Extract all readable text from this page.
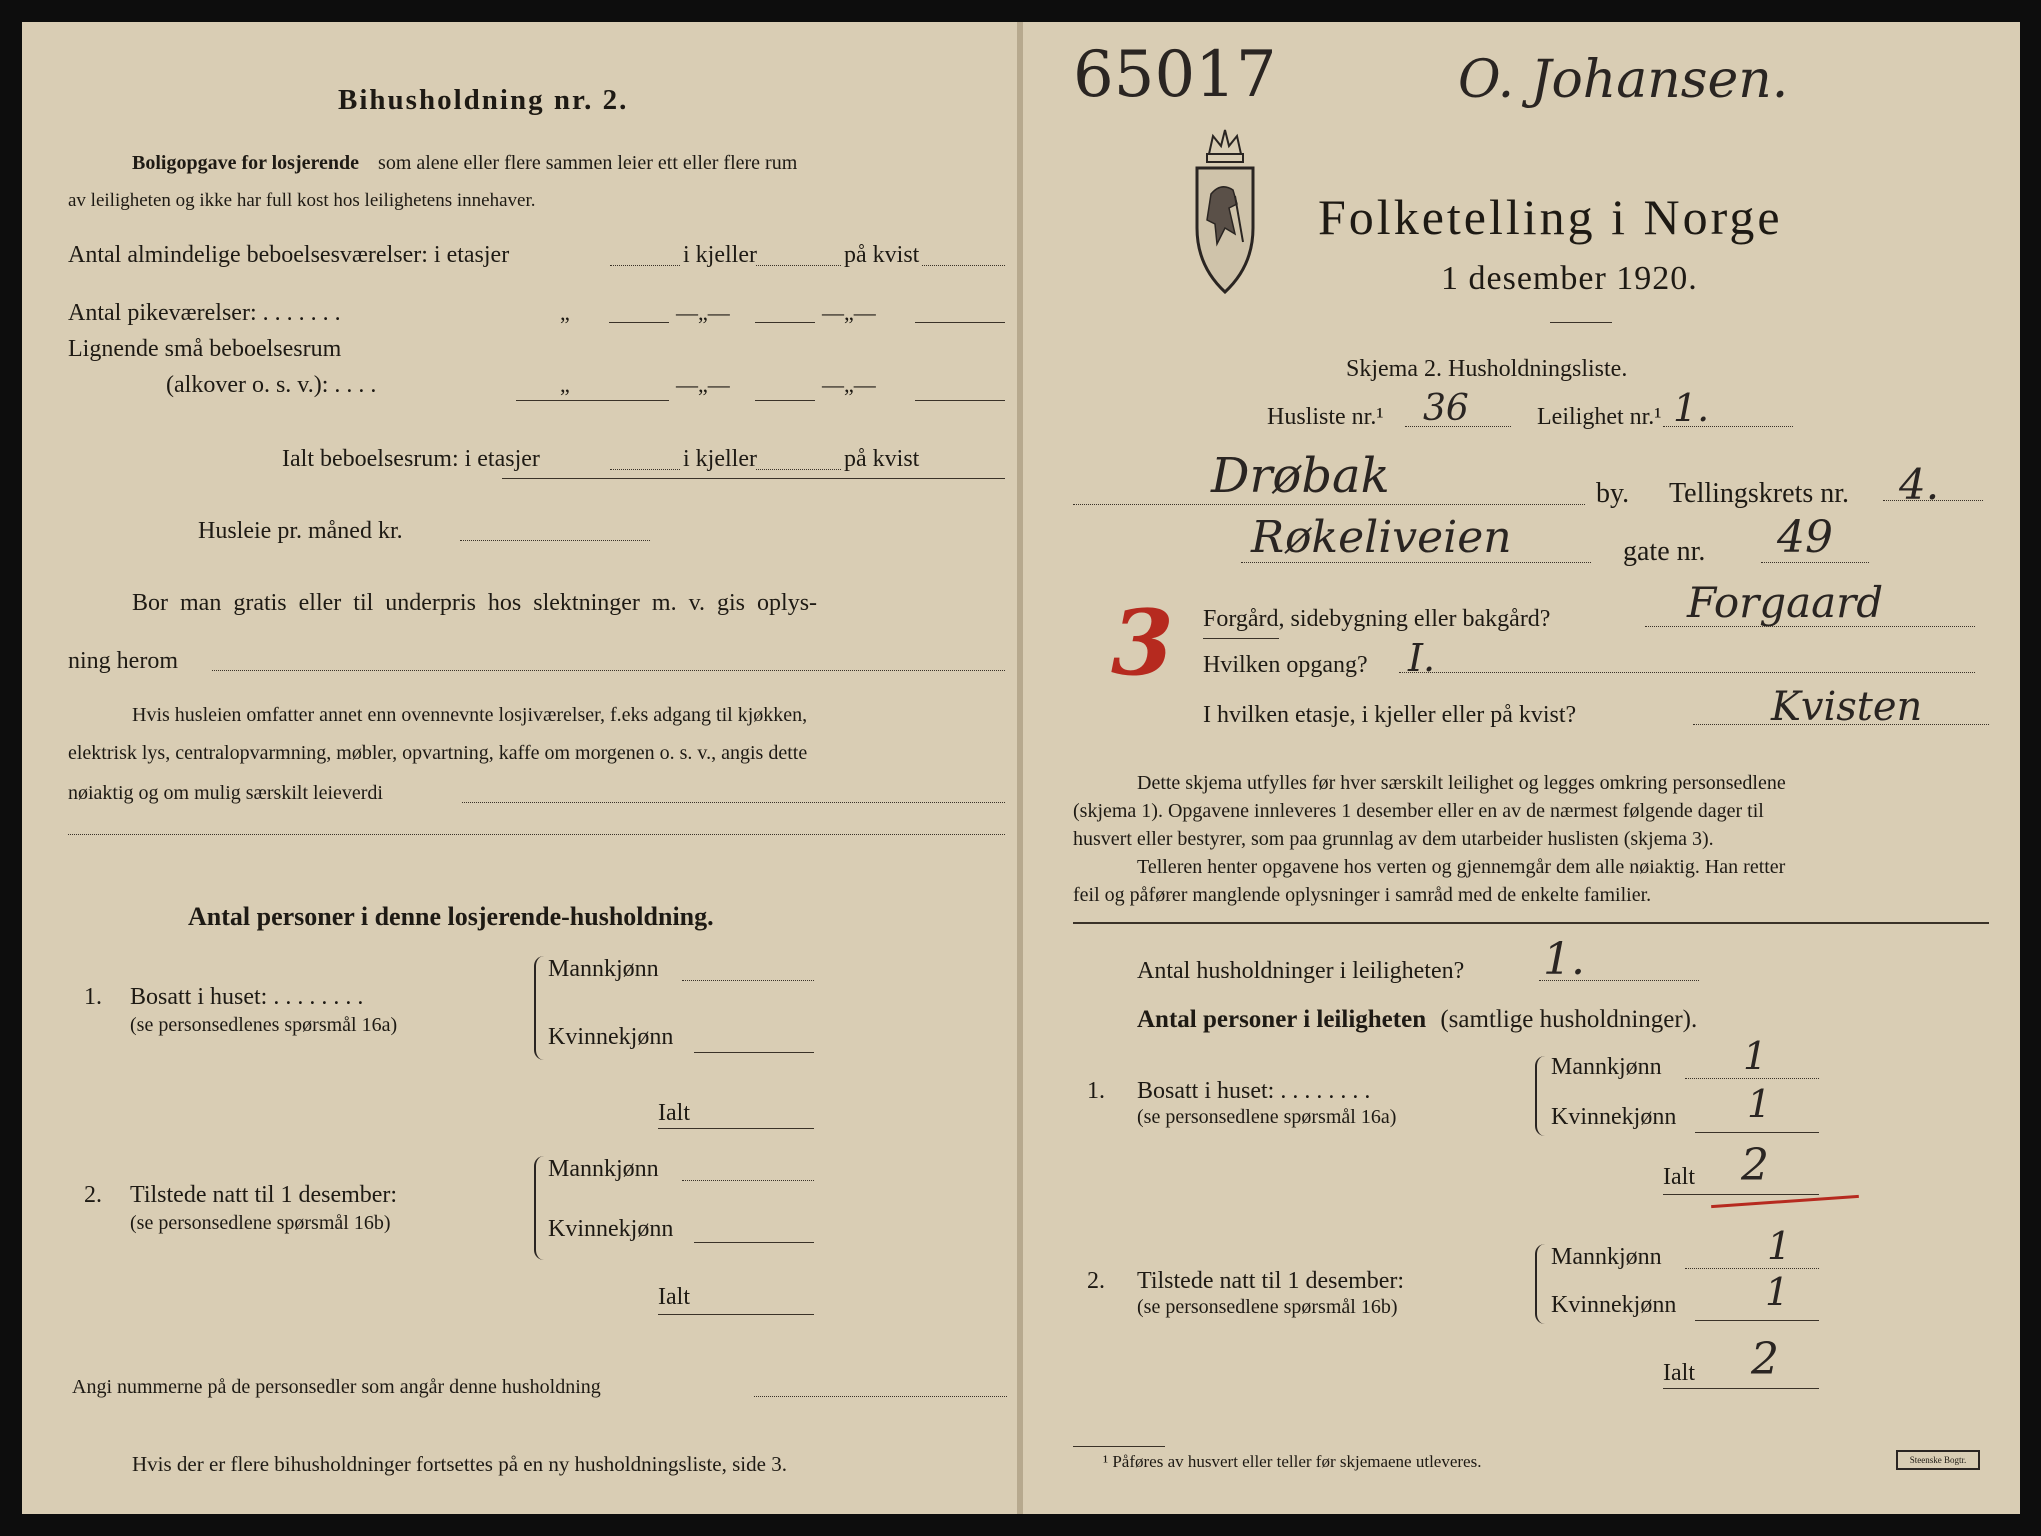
Bihusholdning nr. 2.
Boligopgave for losjerende som alene eller flere sammen leier ett eller flere rum
av leiligheten og ikke har full kost hos leilighetens innehaver.
Antal almindelige beboelsesværelser: i etasjer	i kjeller	på kvist
Antal pikeværelser: . . . . . . .	„	—„—	—„—
Lignende små beboelsesrum
(alkover o. s. v.): . . . .	„	—„—	—„—
Ialt beboelsesrum: i etasjer	i kjeller	på kvist
Husleie pr. måned kr.
Bor man gratis eller til underpris hos slektninger m. v. gis oplys-
ning herom
Hvis husleien omfatter annet enn ovennevnte losjiværelser, f.eks adgang til kjøkken,
elektrisk lys, centralopvarmning, møbler, opvartning, kaffe om morgenen o. s. v., angis dette
nøiaktig og om mulig særskilt leieverdi
Antal personer i denne losjerende-husholdning.
1. Bosatt i huset: . . . . . . . .
(se personsedlenes spørsmål 16a)
Mannkjønn
Kvinnekjønn
Ialt
2. Tilstede natt til 1 desember:
(se personsedlene spørsmål 16b)
Mannkjønn
Kvinnekjønn
Ialt
Angi nummerne på de personsedler som angår denne husholdning
Hvis der er flere bihusholdninger fortsettes på en ny husholdningsliste, side 3.
65017	O. Johansen.
Folketelling i Norge
1 desember 1920.
Skjema 2. Husholdningsliste.
Husliste nr.¹ 36	Leilighet nr.¹ 1.
Drøbak	by. Tellingskrets nr. 4.
Røkeliveien	gate nr. 49
3 Forgård, sidebygning eller bakgård?	Forgaard
Hvilken opgang? I.
I hvilken etasje, i kjeller eller på kvist?	Kvisten
Dette skjema utfylles før hver særskilt leilighet og legges omkring personsedlene
(skjema 1). Opgavene innleveres 1 desember eller en av de nærmest følgende dager til
husvert eller bestyrer, som paa grunnlag av dem utarbeider huslisten (skjema 3).
Telleren henter opgavene hos verten og gjennemgår dem alle nøiaktig. Han retter
feil og påfører manglende oplysninger i samråd med de enkelte familier.
Antal husholdninger i leiligheten? 1.
Antal personer i leiligheten (samtlige husholdninger).
1. Bosatt i huset: . . . . . . . .
(se personsedlene spørsmål 16a)
Mannkjønn 1
Kvinnekjønn 1
Ialt 2
2. Tilstede natt til 1 desember:
(se personsedlene spørsmål 16b)
Mannkjønn	1
Kvinnekjønn 1
Ialt 2
¹ Påføres av husvert eller teller før skjemaene utleveres.	Steenske Bogtr.
